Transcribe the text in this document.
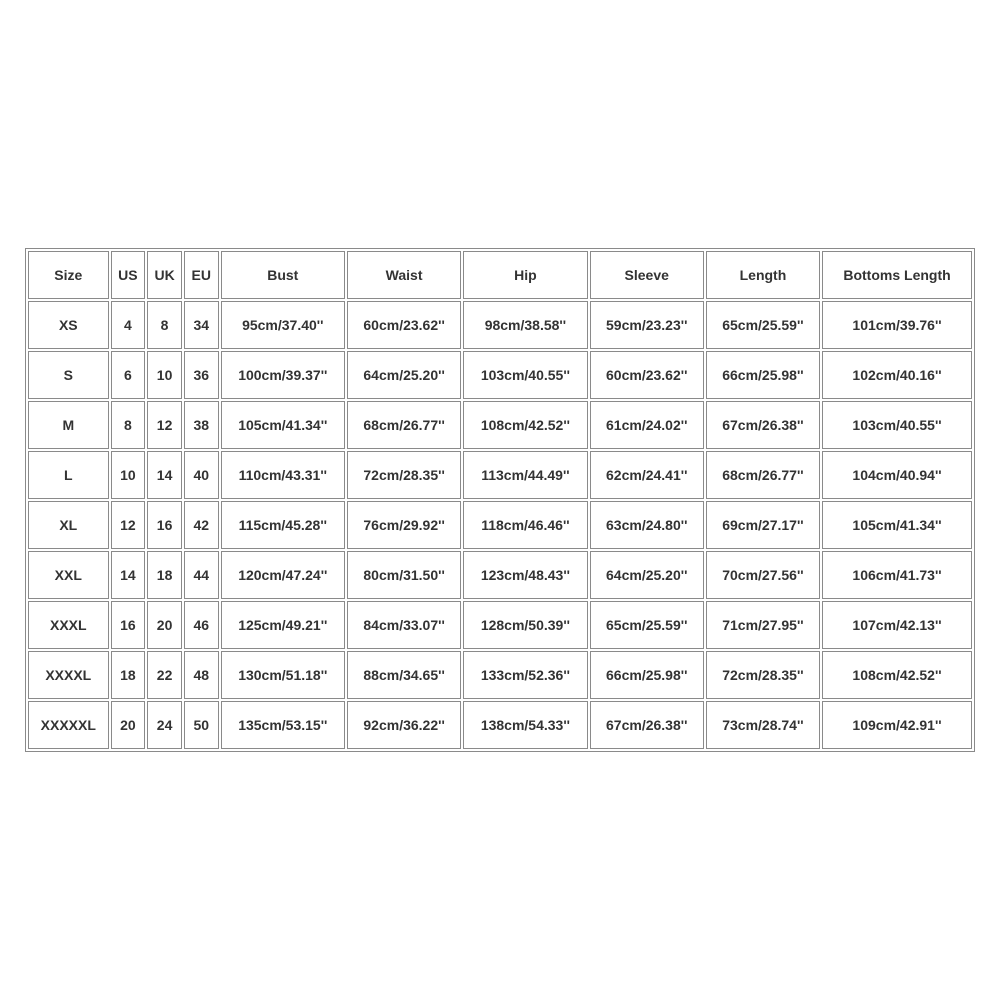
Size	US	UK	EU	Bust	Waist	Hip	Sleeve	Length	Bottoms Length
XS	4	8	34	95cm/37.40''	60cm/23.62''	98cm/38.58''	59cm/23.23''	65cm/25.59''	101cm/39.76''
S	6	10	36	100cm/39.37''	64cm/25.20''	103cm/40.55''	60cm/23.62''	66cm/25.98''	102cm/40.16''
M	8	12	38	105cm/41.34''	68cm/26.77''	108cm/42.52''	61cm/24.02''	67cm/26.38''	103cm/40.55''
L	10	14	40	110cm/43.31''	72cm/28.35''	113cm/44.49''	62cm/24.41''	68cm/26.77''	104cm/40.94''
XL	12	16	42	115cm/45.28''	76cm/29.92''	118cm/46.46''	63cm/24.80''	69cm/27.17''	105cm/41.34''
XXL	14	18	44	120cm/47.24''	80cm/31.50''	123cm/48.43''	64cm/25.20''	70cm/27.56''	106cm/41.73''
XXXL	16	20	46	125cm/49.21''	84cm/33.07''	128cm/50.39''	65cm/25.59''	71cm/27.95''	107cm/42.13''
XXXXL	18	22	48	130cm/51.18''	88cm/34.65''	133cm/52.36''	66cm/25.98''	72cm/28.35''	108cm/42.52''
XXXXXL	20	24	50	135cm/53.15''	92cm/36.22''	138cm/54.33''	67cm/26.38''	73cm/28.74''	109cm/42.91''
